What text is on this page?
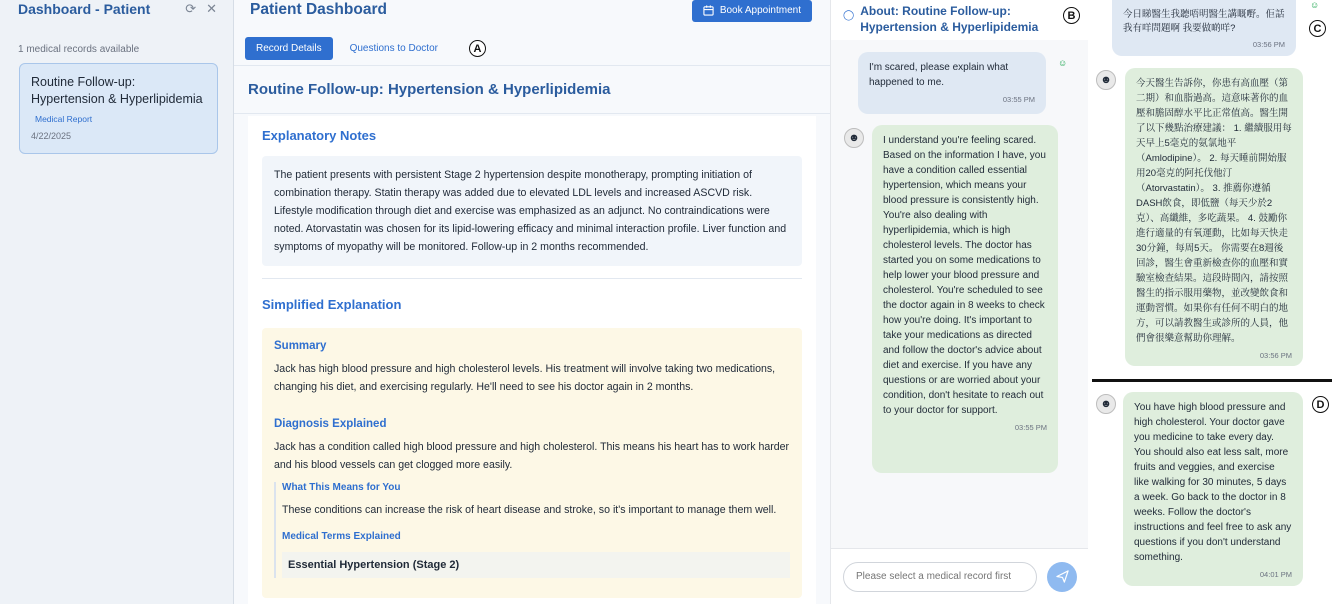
Dashboard - Patient	⟳ ✕
1 medical records available
Routine Follow-up: Hypertension & Hyperlipidemia
Medical Report
4/22/2025
Patient Dashboard	Book Appointment
Record Details	Questions to Doctor	A
Routine Follow-up: Hypertension & Hyperlipidemia
Explanatory Notes
The patient presents with persistent Stage 2 hypertension despite monotherapy, prompting initiation of combination therapy. Statin therapy was added due to elevated LDL levels and increased ASCVD risk. Lifestyle modification through diet and exercise was emphasized as an adjunct. No contraindications were noted. Atorvastatin was chosen for its lipid-lowering efficacy and minimal interaction profile. Liver function and symptoms of myopathy will be monitored. Follow-up in 2 months recommended.
Simplified Explanation
Summary
Jack has high blood pressure and high cholesterol levels. His treatment will involve taking two medications, changing his diet, and exercising regularly. He'll need to see his doctor again in 2 months.
Diagnosis Explained
Jack has a condition called high blood pressure and high cholesterol. This means his heart has to work harder and his blood vessels can get clogged more easily.
What This Means for You
These conditions can increase the risk of heart disease and stroke, so it's important to manage them well.
Medical Terms Explained
Essential Hypertension (Stage 2)
◯ About: Routine Follow-up: Hypertension & Hyperlipidemia
B
I'm scared, please explain what happened to me.
03:55 PM
☺
☻	I understand you're feeling scared. Based on the information I have, you have a condition called essential hypertension, which means your blood pressure is consistently high. You're also dealing with hyperlipidemia, which is high cholesterol levels. The doctor has started you on some medications to help lower your blood pressure and cholesterol. You're scheduled to see the doctor again in 8 weeks to check how you're doing. It's important to take your medications as directed and follow the doctor's advice about diet and exercise. If you have any questions or are worried about your condition, don't hesitate to reach out to your doctor for support.
03:55 PM
Please select a medical record first
今日睇醫生我聽唔明醫生講嘅嘢。佢話我有咩問題啊 我要做啲咩?
03:56 PM
☺
C
☻	今天醫生告訴你，你患有高血壓（第二期）和血脂過高。這意味著你的血壓和膽固醇水平比正常值高。醫生開了以下幾點治療建議： 1. 繼續服用每天早上5毫克的氨氯地平（Amlodipine）。 2. 每天睡前開始服用20毫克的阿托伐他汀（Atorvastatin）。 3. 推薦你遵循DASH飲食，即低鹽（每天少於2克）、高纖維，多吃蔬果。 4. 鼓勵你進行適量的有氧運動，比如每天快走30分鐘，每周5天。 你需要在8週後回診，醫生會重新檢查你的血壓和實驗室檢查結果。這段時間內，請按照醫生的指示服用藥物，並改變飲食和運動習慣。如果你有任何不明白的地方，可以請教醫生或診所的人員，他們會很樂意幫助你理解。
03:56 PM
☻	D
You have high blood pressure and high cholesterol. Your doctor gave you medicine to take every day. You should also eat less salt, more fruits and veggies, and exercise like walking for 30 minutes, 5 days a week. Go back to the doctor in 8 weeks. Follow the doctor's instructions and feel free to ask any questions if you don't understand something.
04:01 PM
